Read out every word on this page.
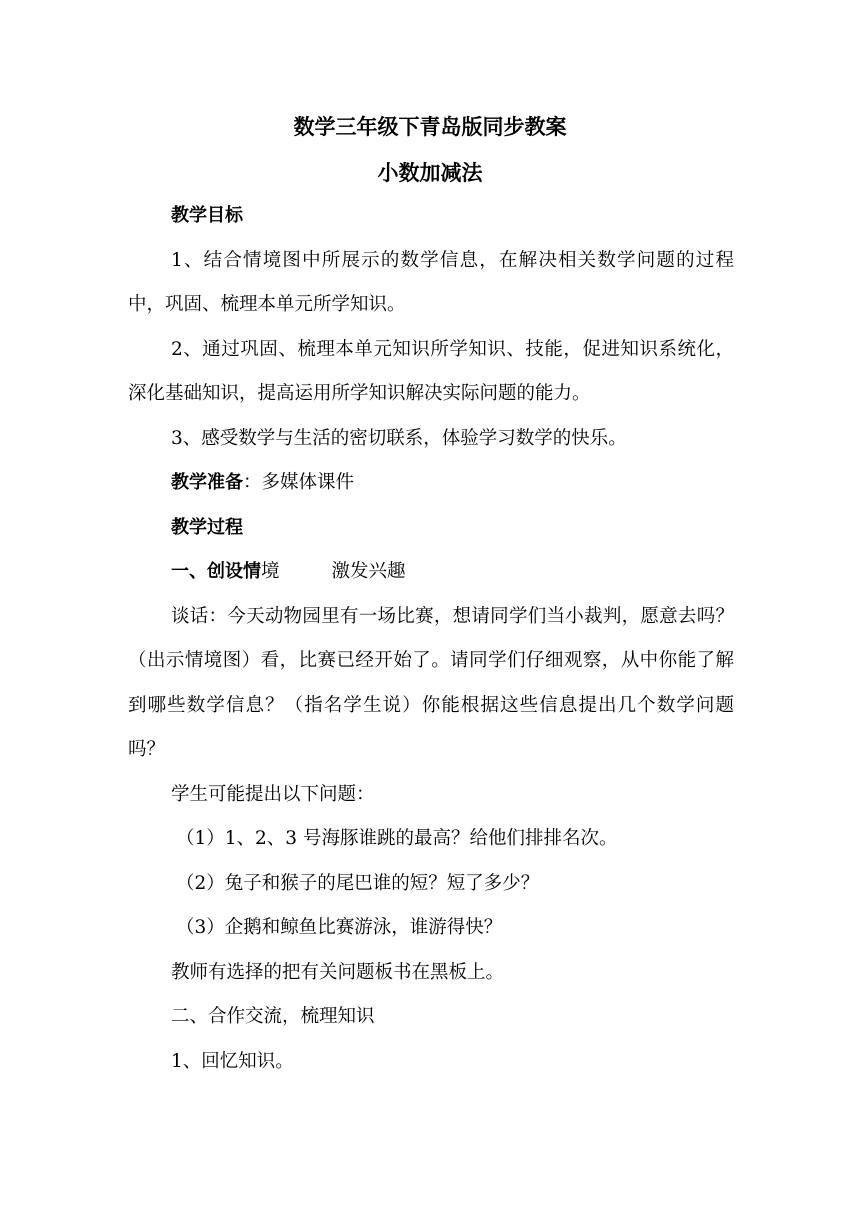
数学三年级下青岛版同步教案
小数加减法

教学目标

1、结合情境图中所展示的数学信息，在解决相关数学问题的过程中，巩固、梳理本单元所学知识。

2、通过巩固、梳理本单元知识所学知识、技能，促进知识系统化，深化基础知识，提高运用所学知识解决实际问题的能力。

3、感受数学与生活的密切联系，体验学习数学的快乐。

教学准备：多媒体课件

教学过程

一、创设情境	激发兴趣

谈话：今天动物园里有一场比赛，想请同学们当小裁判，愿意去吗？（出示情境图）看，比赛已经开始了。请同学们仔细观察，从中你能了解到哪些数学信息？（指名学生说）你能根据这些信息提出几个数学问题吗？

学生可能提出以下问题：

（1）1、2、3 号海豚谁跳的最高？给他们排排名次。

（2）兔子和猴子的尾巴谁的短？短了多少？

（3）企鹅和鲸鱼比赛游泳，谁游得快？

教师有选择的把有关问题板书在黑板上。

二、合作交流，梳理知识

1、回忆知识。
